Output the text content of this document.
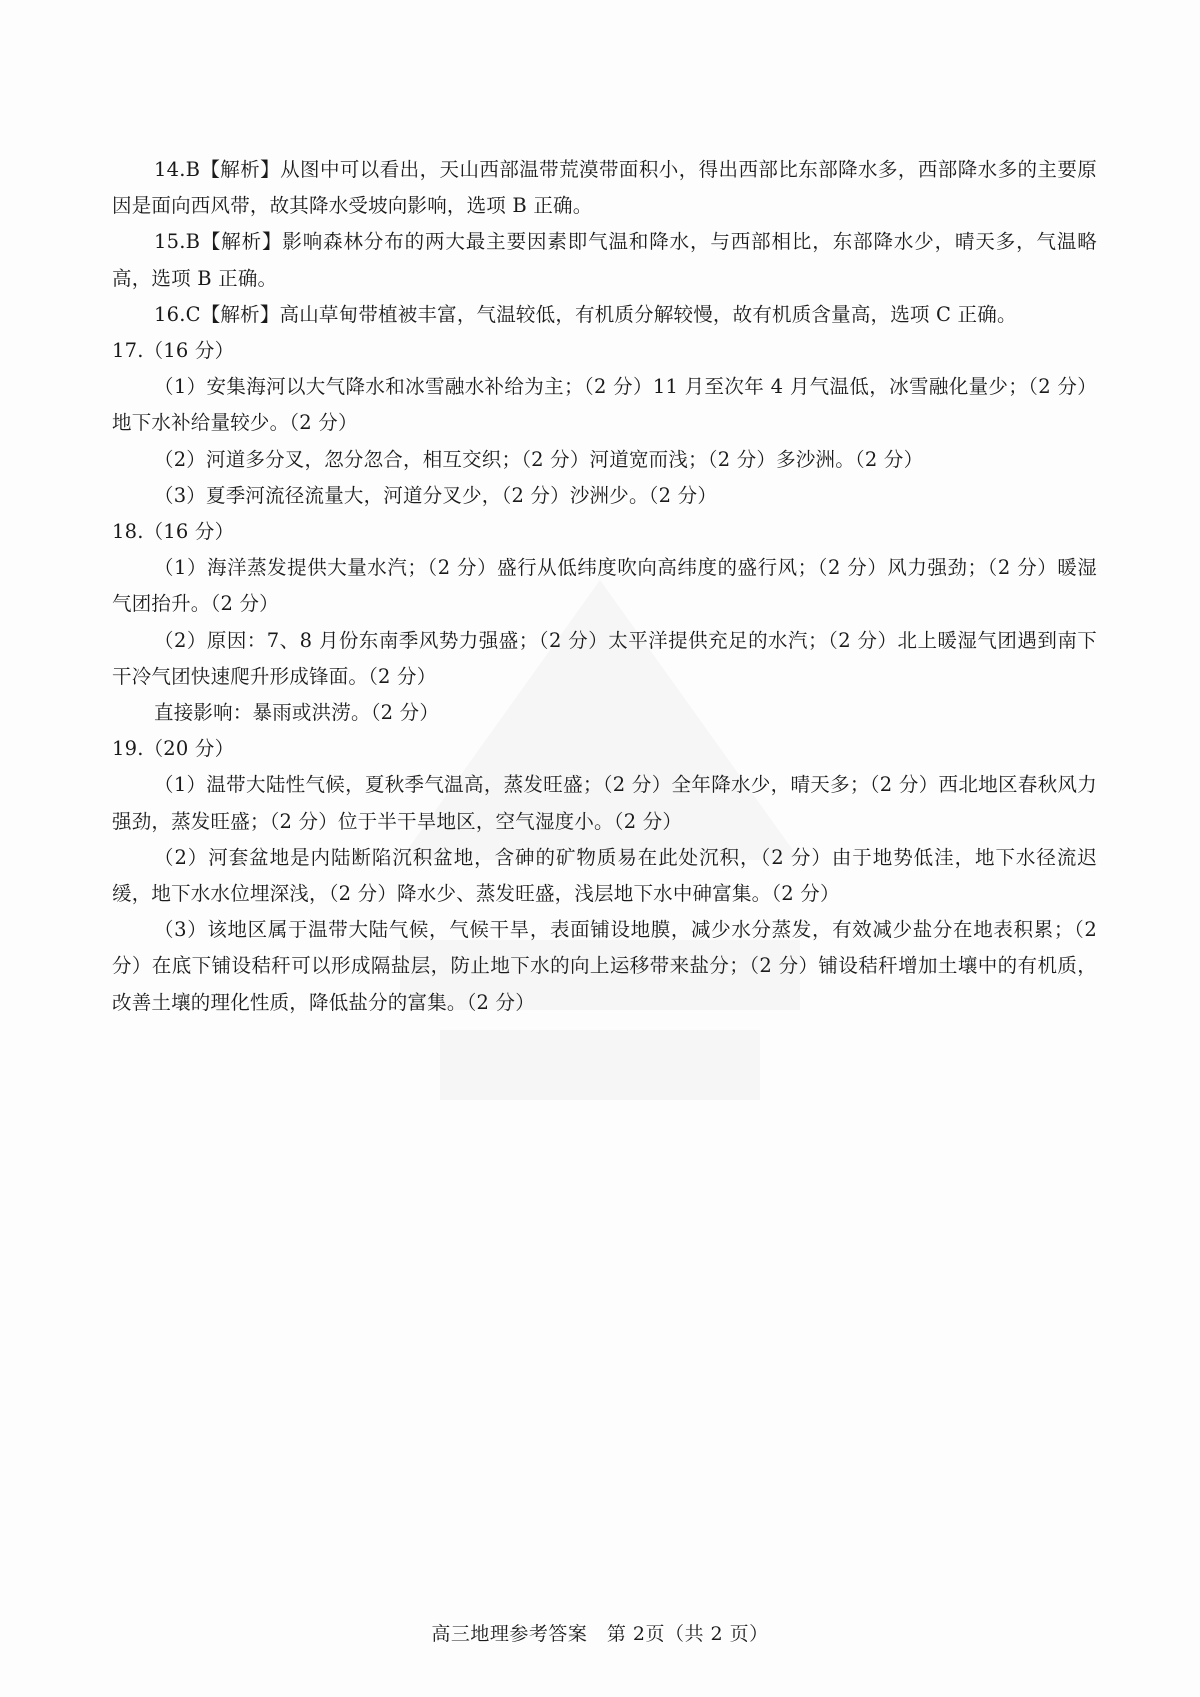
14.B【解析】从图中可以看出，天山西部温带荒漠带面积小，得出西部比东部降水多，西部降水多的主要原因是面向西风带，故其降水受坡向影响，选项 B 正确。

15.B【解析】影响森林分布的两大最主要因素即气温和降水，与西部相比，东部降水少，晴天多，气温略高，选项 B 正确。

16.C【解析】高山草甸带植被丰富，气温较低，有机质分解较慢，故有机质含量高，选项 C 正确。

17.（16 分）

（1）安集海河以大气降水和冰雪融水补给为主；（2 分）11 月至次年 4 月气温低，冰雪融化量少；（2 分）地下水补给量较少。（2 分）

（2）河道多分叉，忽分忽合，相互交织；（2 分）河道宽而浅；（2 分）多沙洲。（2 分）

（3）夏季河流径流量大，河道分叉少，（2 分）沙洲少。（2 分）

18.（16 分）

（1）海洋蒸发提供大量水汽；（2 分）盛行从低纬度吹向高纬度的盛行风；（2 分）风力强劲；（2 分）暖湿气团抬升。（2 分）

（2）原因：7、8 月份东南季风势力强盛；（2 分）太平洋提供充足的水汽；（2 分）北上暖湿气团遇到南下干冷气团快速爬升形成锋面。（2 分）

直接影响：暴雨或洪涝。（2 分）

19.（20 分）

（1）温带大陆性气候，夏秋季气温高，蒸发旺盛；（2 分）全年降水少，晴天多；（2 分）西北地区春秋风力强劲，蒸发旺盛；（2 分）位于半干旱地区，空气湿度小。（2 分）

（2）河套盆地是内陆断陷沉积盆地，含砷的矿物质易在此处沉积，（2 分）由于地势低洼，地下水径流迟缓，地下水水位埋深浅，（2 分）降水少、蒸发旺盛，浅层地下水中砷富集。（2 分）

（3）该地区属于温带大陆气候，气候干旱，表面铺设地膜，减少水分蒸发，有效减少盐分在地表积累；（2 分）在底下铺设秸秆可以形成隔盐层，防止地下水的向上运移带来盐分；（2 分）铺设秸秆增加土壤中的有机质，改善土壤的理化性质，降低盐分的富集。（2 分）

高三地理参考答案　第 2页（共 2 页）
